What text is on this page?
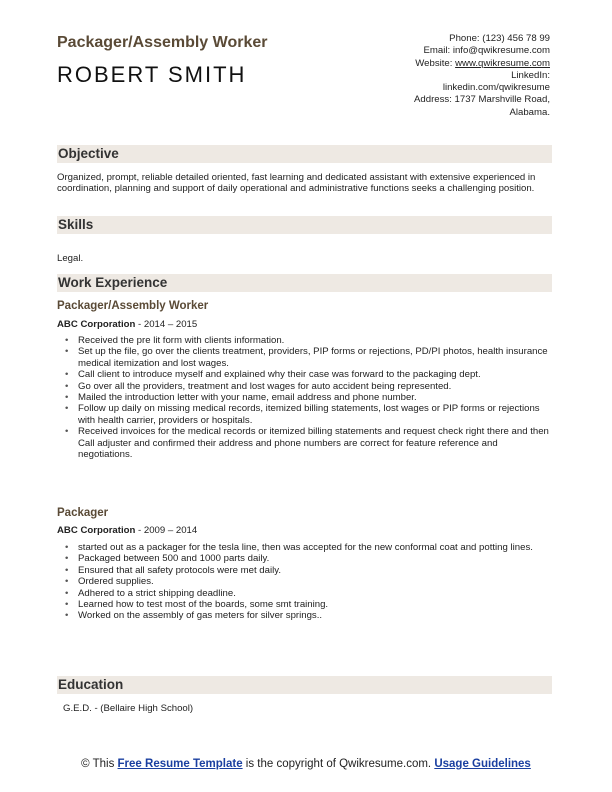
Packager/Assembly Worker
ROBERT SMITH
Phone: (123) 456 78 99
Email: info@qwikresume.com
Website: www.qwikresume.com
LinkedIn:
linkedin.com/qwikresume
Address: 1737 Marshville Road,
Alabama.
Objective
Organized, prompt, reliable detailed oriented, fast learning and dedicated assistant with extensive experienced in coordination, planning and support of daily operational and administrative functions seeks a challenging position.
Skills
Legal.
Work Experience
Packager/Assembly Worker
ABC Corporation - 2014 – 2015
• Received the pre lit form with clients information.
• Set up the file, go over the clients treatment, providers, PIP forms or rejections, PD/PI photos, health insurance medical itemization and lost wages.
• Call client to introduce myself and explained why their case was forward to the packaging dept.
• Go over all the providers, treatment and lost wages for auto accident being represented.
• Mailed the introduction letter with your name, email address and phone number.
• Follow up daily on missing medical records, itemized billing statements, lost wages or PIP forms or rejections with health carrier, providers or hospitals.
• Received invoices for the medical records or itemized billing statements and request check right there and then Call adjuster and confirmed their address and phone numbers are correct for feature reference and negotiations.
Packager
ABC Corporation - 2009 – 2014
• started out as a packager for the tesla line, then was accepted for the new conformal coat and potting lines.
• Packaged between 500 and 1000 parts daily.
• Ensured that all safety protocols were met daily.
• Ordered supplies.
• Adhered to a strict shipping deadline.
• Learned how to test most of the boards, some smt training.
• Worked on the assembly of gas meters for silver springs..
Education
G.E.D. - (Bellaire High School)
© This Free Resume Template is the copyright of Qwikresume.com. Usage Guidelines
